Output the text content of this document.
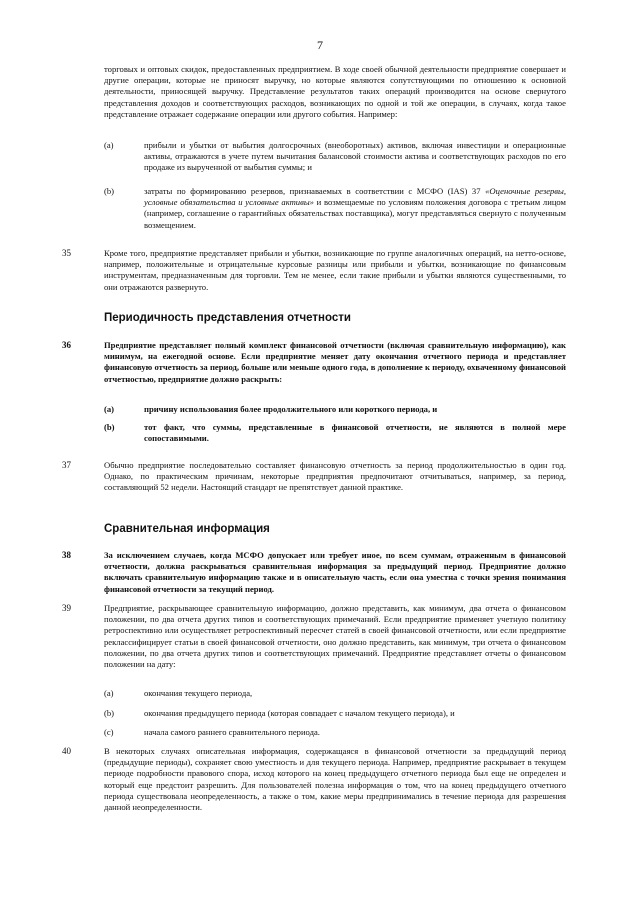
7
торговых и оптовых скидок, предоставленных предприятием. В ходе своей обычной деятельности предприятие совершает и другие операции, которые не приносят выручку, но которые являются сопутствующими по отношению к основной деятельности, приносящей выручку. Представление результатов таких операций производится на основе свернутого представления доходов и соответствующих расходов, возникающих по одной и той же операции, в случаях, когда такое представление отражает содержание операции или другого события. Например:
(a)	прибыли и убытки от выбытия долгосрочных (внеоборотных) активов, включая инвестиции и операционные активы, отражаются в учете путем вычитания балансовой стоимости актива и соответствующих расходов по его продаже из вырученной от выбытия суммы; и
(b)	затраты по формированию резервов, признаваемых в соответствии с МСФО (IAS) 37 «Оценочные резервы, условные обязательства и условные активы» и возмещаемые по условиям положения договора с третьим лицом (например, соглашение о гарантийных обязательствах поставщика), могут представляться свернуто с полученным возмещением.
35	Кроме того, предприятие представляет прибыли и убытки, возникающие по группе аналогичных операций, на нетто-основе, например, положительные и отрицательные курсовые разницы или прибыли и убытки, возникающие по финансовым инструментам, предназначенным для торговли. Тем не менее, если такие прибыли и убытки являются существенными, то они отражаются развернуто.
Периодичность представления отчетности
36	Предприятие представляет полный комплект финансовой отчетности (включая сравнительную информацию), как минимум, на ежегодной основе. Если предприятие меняет дату окончания отчетного периода и представляет финансовую отчетность за период, больше или меньше одного года, в дополнение к периоду, охваченному финансовой отчетностью, предприятие должно раскрыть:
(a)	причину использования более продолжительного или короткого периода, и
(b)	тот факт, что суммы, представленные в финансовой отчетности, не являются в полной мере сопоставимыми.
37	Обычно предприятие последовательно составляет финансовую отчетность за период продолжительностью в один год. Однако, по практическим причинам, некоторые предприятия предпочитают отчитываться, например, за период, составляющий 52 недели. Настоящий стандарт не препятствует данной практике.
Сравнительная информация
38	За исключением случаев, когда МСФО допускает или требует иное, по всем суммам, отраженным в финансовой отчетности, должна раскрываться сравнительная информация за предыдущий период. Предприятие должно включать сравнительную информацию также и в описательную часть, если она уместна с точки зрения понимания финансовой отчетности за текущий период.
39	Предприятие, раскрывающее сравнительную информацию, должно представить, как минимум, два отчета о финансовом положении, по два отчета других типов и соответствующих примечаний. Если предприятие применяет учетную политику ретроспективно или осуществляет ретроспективный пересчет статей в своей финансовой отчетности, или если предприятие реклассифицирует статьи в своей финансовой отчетности, оно должно представить, как минимум, три отчета о финансовом положении, по два отчета других типов и соответствующих примечаний. Предприятие представляет отчеты о финансовом положении на дату:
(a)	окончания текущего периода,
(b)	окончания предыдущего периода (которая совпадает с началом текущего периода), и
(c)	начала самого раннего сравнительного периода.
40	В некоторых случаях описательная информация, содержащаяся в финансовой отчетности за предыдущий период (предыдущие периоды), сохраняет свою уместность и для текущего периода. Например, предприятие раскрывает в текущем периоде подробности правового спора, исход которого на конец предыдущего отчетного периода был еще не определен и который еще предстоит разрешить. Для пользователей полезна информация о том, что на конец предыдущего отчетного периода существовала неопределенность, а также о том, какие меры предпринимались в течение периода для разрешения данной неопределенности.
